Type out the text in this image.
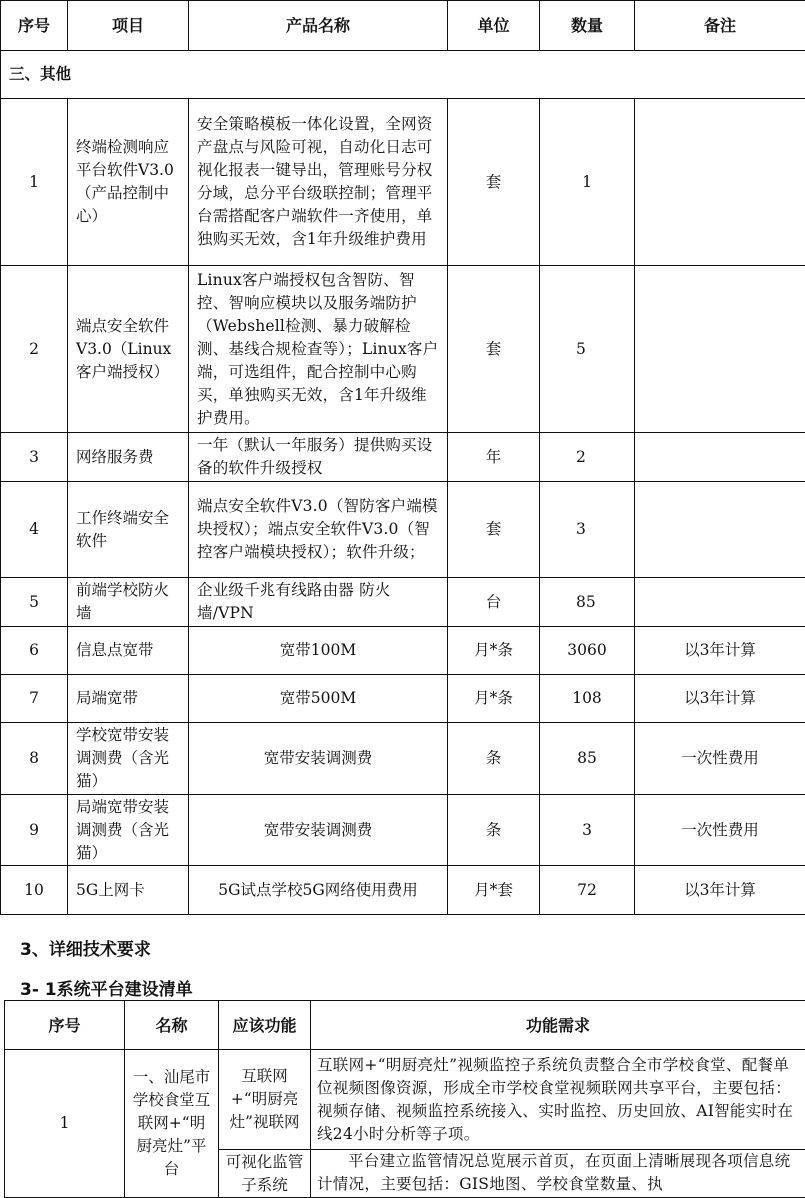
序号	项目	产品名称	单位	数量	备注
三、其他					
1	终端检测响应平台软件V3.0（产品控制中心）	安全策略模板一体化设置，全网资产盘点与风险可视，自动化日志可视化报表一键导出，管理账号分权分域，总分平台级联控制；管理平台需搭配客户端软件一齐使用，单独购买无效，含1年升级维护费用	套	1	
2	端点安全软件V3.0（Linux客户端授权）	Linux客户端授权包含智防、智控、智响应模块以及服务端防护（Webshell检测、暴力破解检测、基线合规检查等）；Linux客户端，可选组件，配合控制中心购买，单独购买无效，含1年升级维护费用。	套	5	
3	网络服务费	一年（默认一年服务）提供购买设备的软件升级授权	年	2	
4	工作终端安全软件	端点安全软件V3.0（智防客户端模块授权）；端点安全软件V3.0（智控客户端模块授权）；软件升级；	套	3	
5	前端学校防火墙	企业级千兆有线路由器 防火墙/VPN	台	85	
6	信息点宽带	宽带100M	月*条	3060	以3年计算
7	局端宽带	宽带500M	月*条	108	以3年计算
8	学校宽带安装调测费（含光猫）	宽带安装调测费	条	85	一次性费用
9	局端宽带安装调测费（含光猫）	宽带安装调测费	条	3	一次性费用
10	5G上网卡	5G试点学校5G网络使用费用	月*套	72	以3年计算
3、详细技术要求
3- 1系统平台建设清单
序号	名称	应该功能	功能需求
1	一、汕尾市学校食堂互联网+“明厨亮灶”平台	互联网+“明厨亮灶”视联网	互联网+“明厨亮灶”视频监控子系统负责整合全市学校食堂、配餐单位视频图像资源，形成全市学校食堂视频联网共享平台，主要包括：视频存储、视频监控系统接入、实时监控、历史回放、AI智能实时在线24小时分析等子项。
		可视化监管子系统	平台建立监管情况总览展示首页，在页面上清晰展现各项信息统计情况，主要包括：GIS地图、学校食堂数量、执
